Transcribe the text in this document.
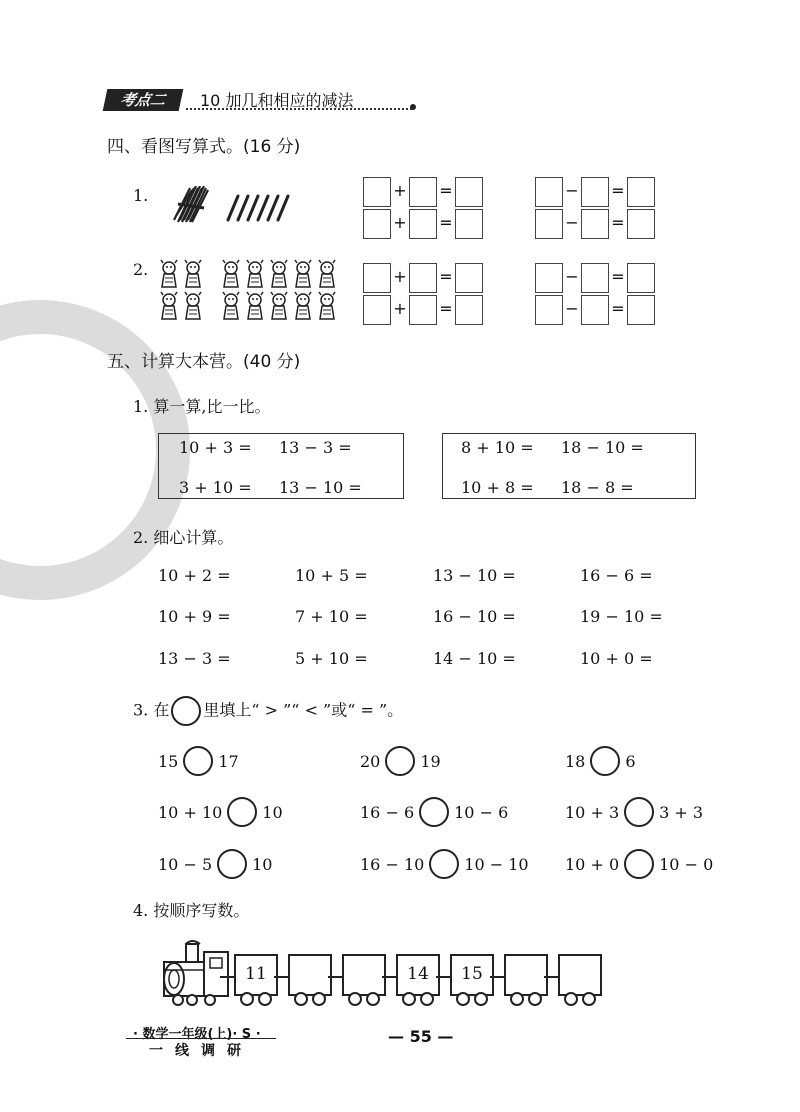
考点二	10 加几和相应的减法
四、看图写算式。(16 分)
1.
2.
+ =	− =
+ =	− =
+ =	− =
+ =	− =
五、计算大本营。(40 分)
1. 算一算,比一比。
10 + 3 = 13 − 3 =
3 + 10 = 13 − 10 =
8 + 10 = 18 − 10 =
10 + 8 = 18 − 8 =
2. 细心计算。
10 + 2 =	10 + 5 =	13 − 10 =	16 − 6 =
10 + 9 =	7 + 10 =	16 − 10 =	19 − 10 =
13 − 3 =	5 + 10 =	14 − 10 =	10 + 0 =
3. 在 里填上“ > ”“ < ”或“ = ”。
15	17	20	19	18	6
10 + 10	10	16 − 6	10 − 6	10 + 3	3 + 3
10 − 5	10	16 − 10	10 − 10 10 + 0	10 − 0
4. 按顺序写数。
11	14	15
· 数学一年级(上)· S ·
一线调研
— 55 —
